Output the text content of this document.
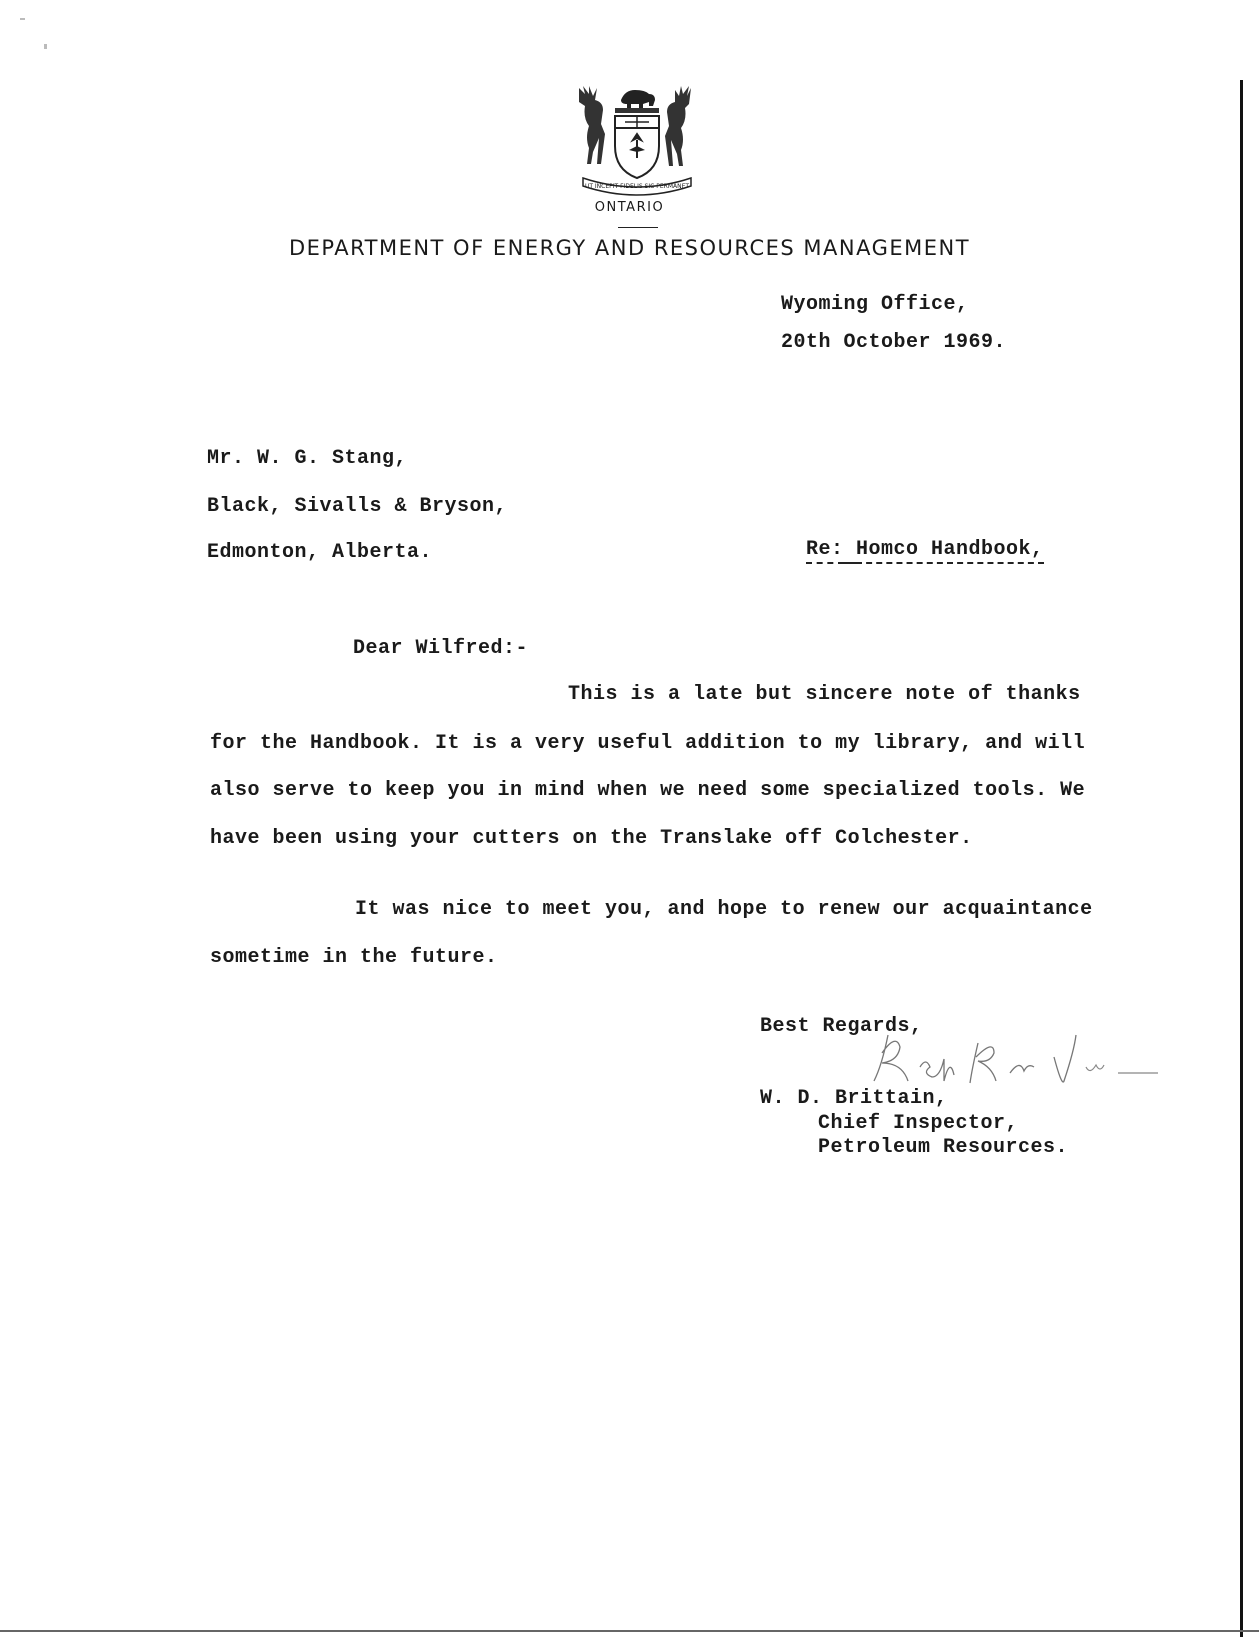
UT INCEPIT FIDELIS SIC PERMANET
ONTARIO
DEPARTMENT OF ENERGY AND RESOURCES MANAGEMENT
Wyoming Office,
20th October 1969.
Mr. W. G. Stang,
Black, Sivalls & Bryson,
Edmonton, Alberta.	Re: Homco Handbook,
Dear Wilfred:-
This is a late but sincere note of thanks
for the Handbook. It is a very useful addition to my library, and will
also serve to keep you in mind when we need some specialized tools. We
have been using your cutters on the Translake off Colchester.
It was nice to meet you, and hope to renew our acquaintance
sometime in the future.
Best Regards,
W. D. Brittain,
Chief Inspector,
Petroleum Resources.
